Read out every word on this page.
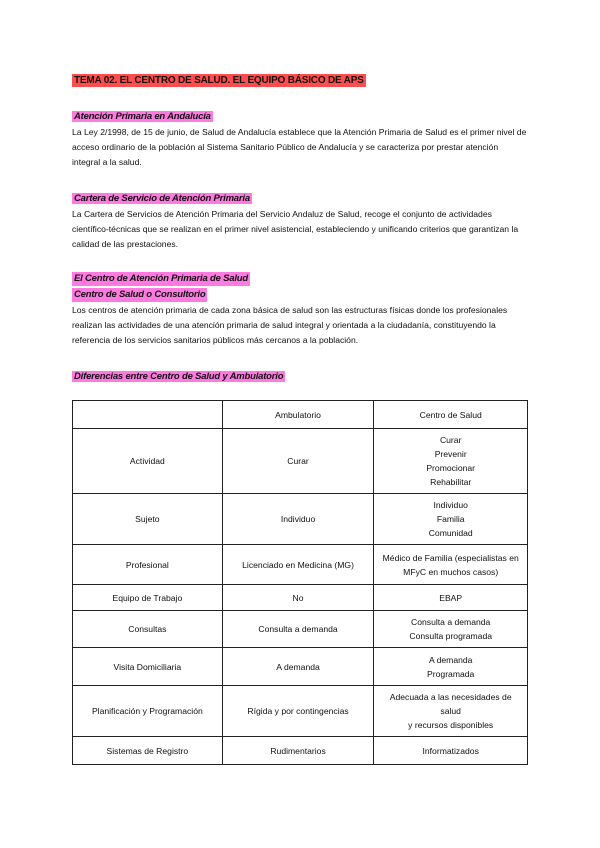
TEMA 02. EL CENTRO DE SALUD. EL EQUIPO BÁSICO DE APS
Atención Primaria en Andalucía

La Ley 2/1998, de 15 de junio, de Salud de Andalucía establece que la Atención Primaria de Salud es el primer nivel de acceso ordinario de la población al Sistema Sanitario Público de Andalucía y se caracteriza por prestar atención integral a la salud.

Cartera de Servicio de Atención Primaria

La Cartera de Servicios de Atención Primaria del Servicio Andaluz de Salud, recoge el conjunto de actividades científico-técnicas que se realizan en el primer nivel asistencial, estableciendo y unificando criterios que garantizan la calidad de las prestaciones.

El Centro de Atención Primaria de Salud
Centro de Salud o Consultorio

Los centros de atención primaria de cada zona básica de salud son las estructuras físicas donde los profesionales realizan las actividades de una atención primaria de salud integral y orientada a la ciudadanía, constituyendo la referencia de los servicios sanitarios públicos más cercanos a la población.

Diferencias entre Centro de Salud y Ambulatorio
	Ambulatorio	Centro de Salud
Actividad	Curar	Curar
Prevenir
Promocionar
Rehabilitar

Sujeto	Individuo	Individuo
Familia
Comunidad

Profesional	Licenciado en Medicina (MG)	Médico de Familia (especialistas en
MFyC en muchos casos)

Equipo de Trabajo	No	EBAP

Consultas	Consulta a demanda	Consulta a demanda
Consulta programada

Visita Domiciliaria	A demanda	A demanda
Programada

Planificación y Programación	Rígida y por contingencias	Adecuada a las necesidades de salud
y recursos disponibles

Sistemas de Registro	Rudimentarios	Informatizados
